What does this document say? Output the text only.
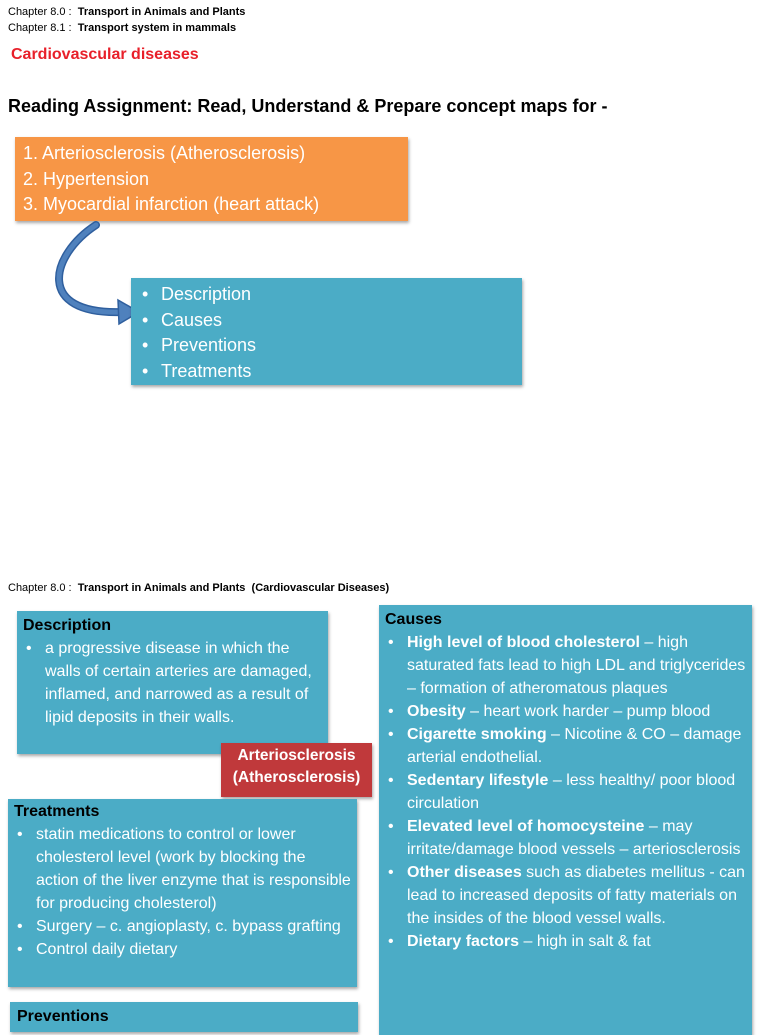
Chapter 8.0 : Transport in Animals and Plants
Chapter 8.1 : Transport system in mammals
Cardiovascular diseases
Reading Assignment: Read, Understand & Prepare concept maps for -
1. Arteriosclerosis (Atherosclerosis)
2. Hypertension
3. Myocardial infarction (heart attack)
• Description
• Causes
• Preventions
• Treatments
Chapter 8.0 : Transport in Animals and Plants (Cardiovascular Diseases)
Description
• a progressive disease in which the walls of certain arteries are damaged, inflamed, and narrowed as a result of lipid deposits in their walls.
Arteriosclerosis
(Atherosclerosis)
Treatments
• statin medications to control or lower cholesterol level (work by blocking the action of the liver enzyme that is responsible for producing cholesterol)
• Surgery – c. angioplasty, c. bypass grafting
• Control daily dietary
Preventions
Causes
• High level of blood cholesterol – high saturated fats lead to high LDL and triglycerides – formation of atheromatous plaques
• Obesity – heart work harder – pump blood
• Cigarette smoking – Nicotine & CO – damage arterial endothelial.
• Sedentary lifestyle – less healthy/ poor blood circulation
• Elevated level of homocysteine – may irritate/damage blood vessels – arteriosclerosis
• Other diseases such as diabetes mellitus - can lead to increased deposits of fatty materials on the insides of the blood vessel walls.
• Dietary factors – high in salt & fat
